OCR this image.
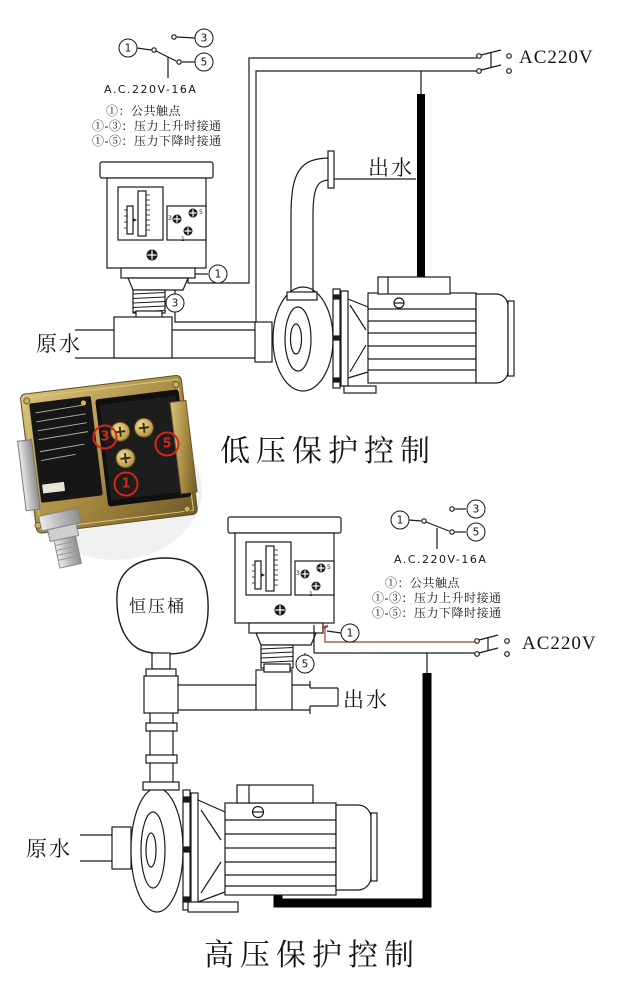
1
3
5
A.C.220V-16A
①：公共触点
①-③：压力上升时接通
①-⑤：压力下降时接通
AC220V
出水
原水
1
3
3
5
1
低压保护控制
3	5
1
1
3
5
A.C.220V-16A
①：公共触点
①-③：压力上升时接通
①-⑤：压力下降时接通
AC220V
恒压桶
出水
原水
1
5
3
5
1
高压保护控制
